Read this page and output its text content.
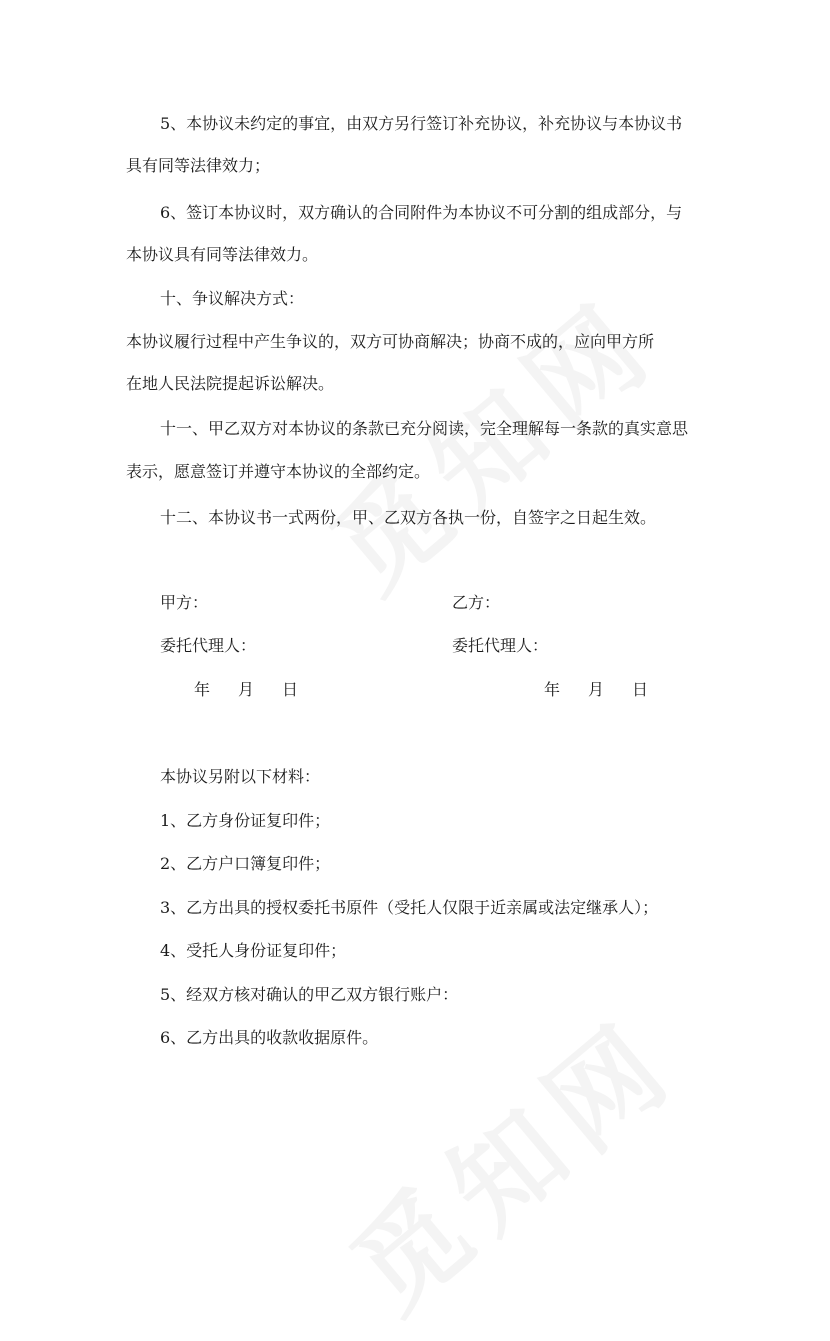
5、本协议未约定的事宜，由双方另行签订补充协议，补充协议与本协议书
具有同等法律效力；
6、签订本协议时，双方确认的合同附件为本协议不可分割的组成部分，与
本协议具有同等法律效力。
十、争议解决方式：
本协议履行过程中产生争议的，双方可协商解决；协商不成的，应向甲方所
在地人民法院提起诉讼解决。
十一、甲乙双方对本协议的条款已充分阅读，完全理解每一条款的真实意思
表示，愿意签订并遵守本协议的全部约定。
十二、本协议书一式两份，甲、乙双方各执一份，自签字之日起生效。
甲方：	乙方：
委托代理人：	委托代理人：
年 月 日	年 月 日
本协议另附以下材料：
1、乙方身份证复印件；
2、乙方户口簿复印件；
3、乙方出具的授权委托书原件（受托人仅限于近亲属或法定继承人）；
4、受托人身份证复印件；
5、经双方核对确认的甲乙双方银行账户：
6、乙方出具的收款收据原件。
